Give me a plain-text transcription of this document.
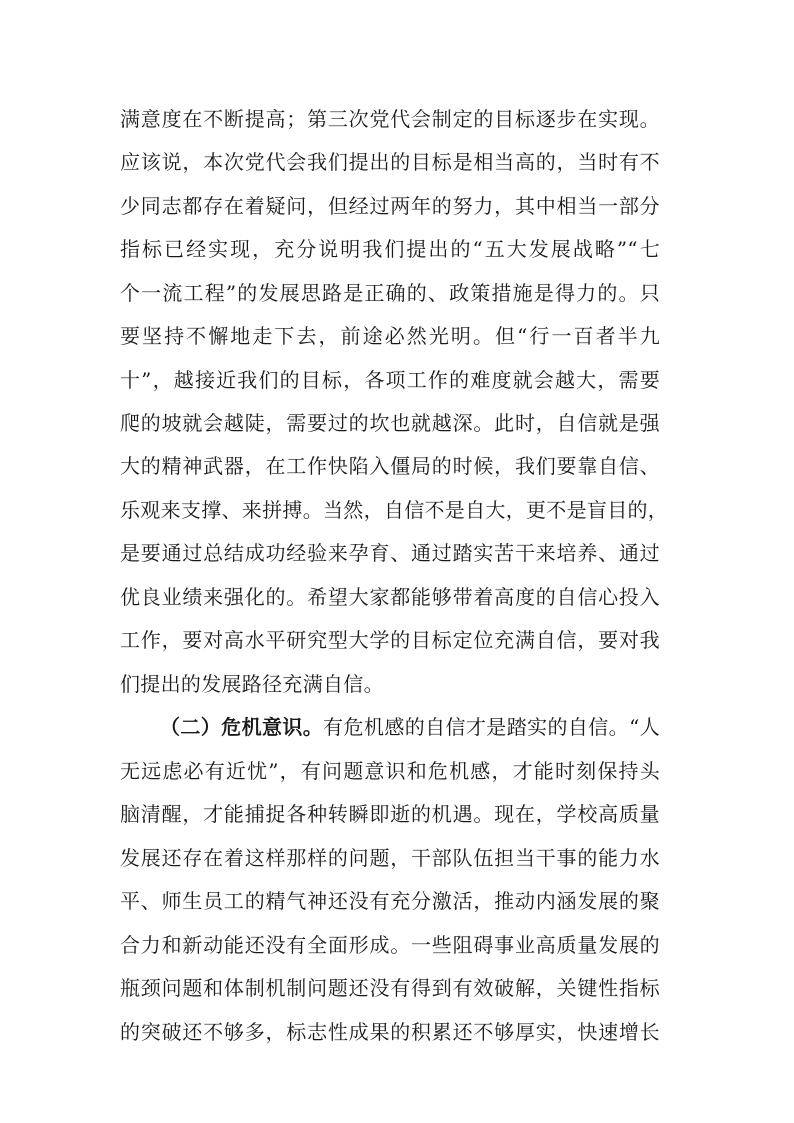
满意度在不断提高；第三次党代会制定的目标逐步在实现。

应该说，本次党代会我们提出的目标是相当高的，当时有不

少同志都存在着疑问，但经过两年的努力，其中相当一部分

指标已经实现，充分说明我们提出的“五大发展战略”“七

个一流工程”的发展思路是正确的、政策措施是得力的。只

要坚持不懈地走下去，前途必然光明。但“行一百者半九

十”，越接近我们的目标，各项工作的难度就会越大，需要

爬的坡就会越陡，需要过的坎也就越深。此时，自信就是强

大的精神武器，在工作快陷入僵局的时候，我们要靠自信、

乐观来支撑、来拼搏。当然，自信不是自大，更不是盲目的，

是要通过总结成功经验来孕育、通过踏实苦干来培养、通过

优良业绩来强化的。希望大家都能够带着高度的自信心投入

工作，要对高水平研究型大学的目标定位充满自信，要对我

们提出的发展路径充满自信。

（二）危机意识。有危机感的自信才是踏实的自信。“人

无远虑必有近忧”，有问题意识和危机感，才能时刻保持头

脑清醒，才能捕捉各种转瞬即逝的机遇。现在，学校高质量

发展还存在着这样那样的问题，干部队伍担当干事的能力水

平、师生员工的精气神还没有充分激活，推动内涵发展的聚

合力和新动能还没有全面形成。一些阻碍事业高质量发展的

瓶颈问题和体制机制问题还没有得到有效破解，关键性指标

的突破还不够多，标志性成果的积累还不够厚实，快速增长
